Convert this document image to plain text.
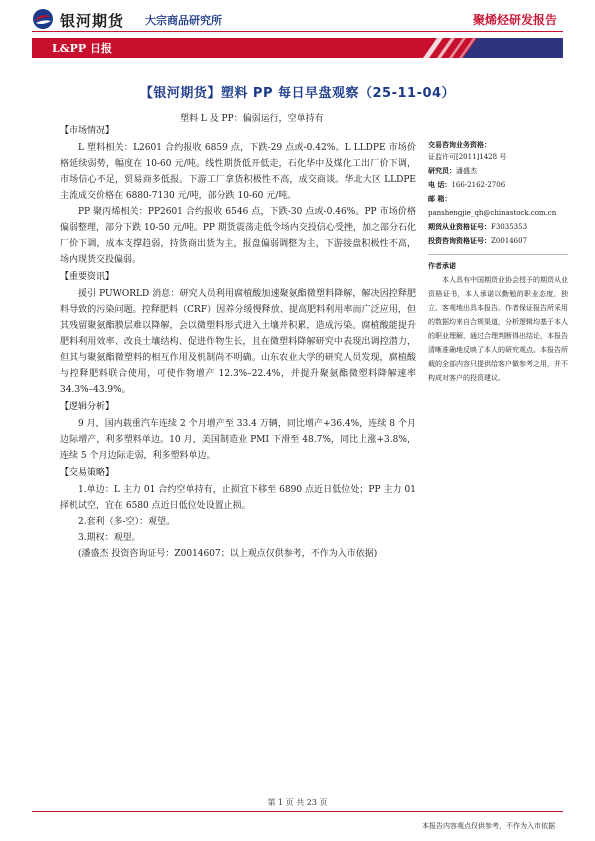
银河期货 大宗商品研究所	聚烯烃研发报告
L&PP 日报
【银河期货】塑料 PP 每日早盘观察（25-11-04）
塑料 L 及 PP：偏弱运行，空单持有

【市场情况】

L 塑料相关：L2601 合约报收 6859 点，下跌-29 点或-0.42%。L LLDPE 市场价格延续弱势，幅度在 10-60 元/吨。线性期货低开低走，石化华中及煤化工出厂价下调，市场信心不足，贸易商多低报。下游工厂拿货积极性不高，成交商谈。华北大区 LLDPE 主流成交价格在 6880-7130 元/吨，部分跌 10-60 元/吨。

PP 聚丙烯相关：PP2601 合约报收 6546 点，下跌-30 点或-0.46%。PP 市场价格偏弱整理，部分下跌 10-50 元/吨。PP 期货震荡走低令场内交投信心受挫，加之部分石化厂价下调，成本支撑趋弱，持货商出货为主，报盘偏弱调整为主，下游接盘积极性不高，场内现货交投偏弱。

【重要资讯】

援引 PUWORLD 消息：研究人员利用腐植酸加速聚氨酯微塑料降解，解决因控释肥料导致的污染问题。控释肥料（CRF）因养分缓慢释放、提高肥料利用率而广泛应用，但其残留聚氨酯膜层难以降解，会以微塑料形式进入土壤并积累，造成污染。腐植酸能提升肥料利用效率、改良土壤结构、促进作物生长，且在微塑料降解研究中表现出调控潜力，但其与聚氨酯微塑料的相互作用及机制尚不明确。山东农业大学的研究人员发现，腐植酸与控释肥料联合使用，可使作物增产 12.3%–22.4%，并提升聚氨酯微塑料降解速率 34.3%–43.9%。

【逻辑分析】

9 月，国内载重汽车连续 2 个月增产至 33.4 万辆，同比增产+36.4%，连续 8 个月边际增产，利多塑料单边。10 月，美国制造业 PMI 下滑至 48.7%，同比上涨+3.8%，连续 5 个月边际走弱，利多塑料单边。

【交易策略】

1.单边：L 主力 01 合约空单持有，止损宜下移至 6890 点近日低位处；PP 主力 01 择机试空，宜在 6580 点近日低位处设置止损。

2.套利（多-空）：观望。

3.期权：观望。

(潘盛杰 投资咨询证号：Z0014607；以上观点仅供参考，不作为入市依据)

交易咨询业务资格：
证监许可[2011]1428 号
研究员：潘盛杰
电 话：166-2162-2706
邮 箱：
panshengjie_qh@chinastock.com.cn
期货从业资格证号：F3035353
投资咨询资格证号：Z0014607
作者承诺

本人具有中国期货业协会授予的期货从业资格证书，本人承诺以勤勉的职业态度，独立、客观地出具本报告。作者保证报告所采用的数据均来自合规渠道，分析逻辑均基于本人的职业理解，通过合理判断得出结论，本报告清晰准确地反映了本人的研究观点。本报告所载的全部内容只提供给客户做参考之用，并不构成对客户的投资建议。

第 1 页 共 23 页
本报告内容观点仅供参考，不作为入市依据
